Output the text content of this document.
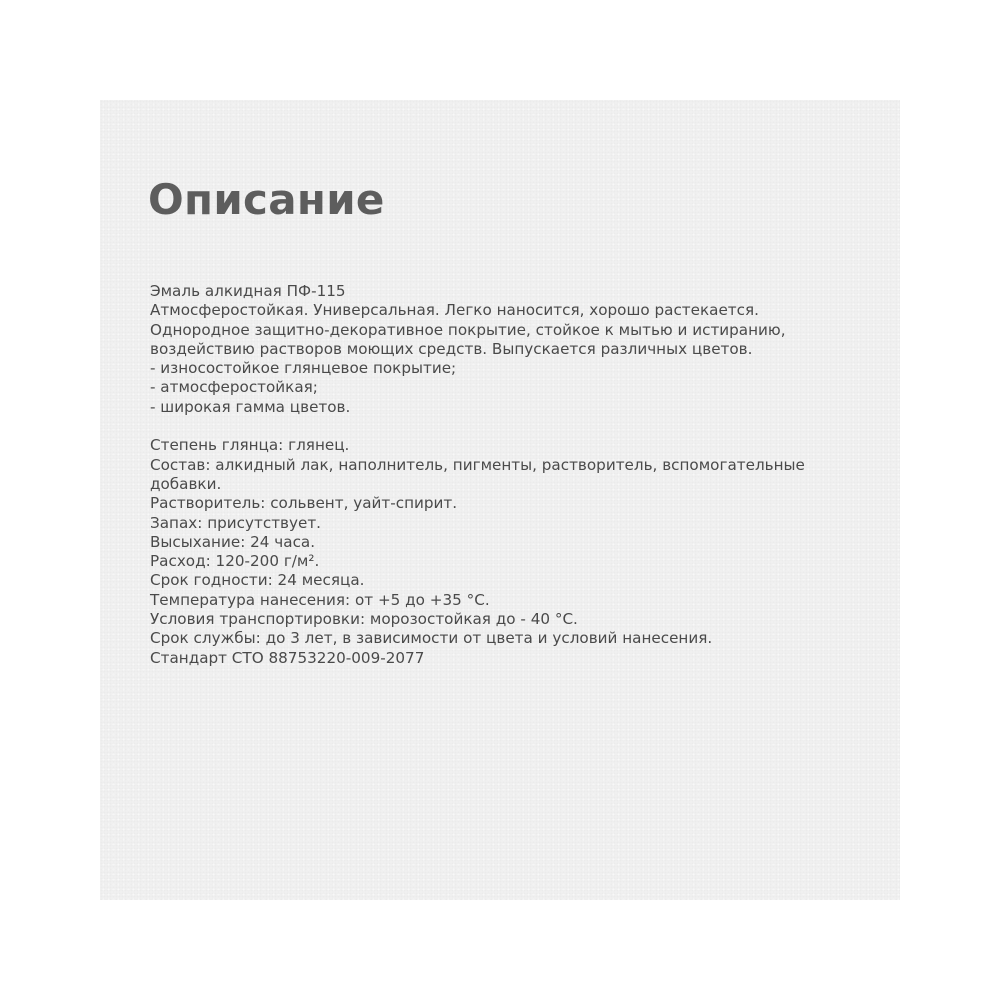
Описание
Эмаль алкидная ПФ-115
Атмосферостойкая. Универсальная. Легко наносится, хорошо растекается.
Однородное защитно-декоративное покрытие, стойкое к мытью и истиранию,
воздействию растворов моющих средств. Выпускается различных цветов.
- износостойкое глянцевое покрытие;
- атмосферостойкая;
- широкая гамма цветов.
Степень глянца: глянец.
Состав: алкидный лак, наполнитель, пигменты, растворитель, вспомогательные
добавки.
Растворитель: сольвент, уайт-спирит.
Запах: присутствует.
Высыхание: 24 часа.
Расход: 120-200 г/м².
Срок годности: 24 месяца.
Температура нанесения: от +5 до +35 °С.
Условия транспортировки: морозостойкая до - 40 °С.
Срок службы: до 3 лет, в зависимости от цвета и условий нанесения.
Стандарт СТО 88753220-009-2077
